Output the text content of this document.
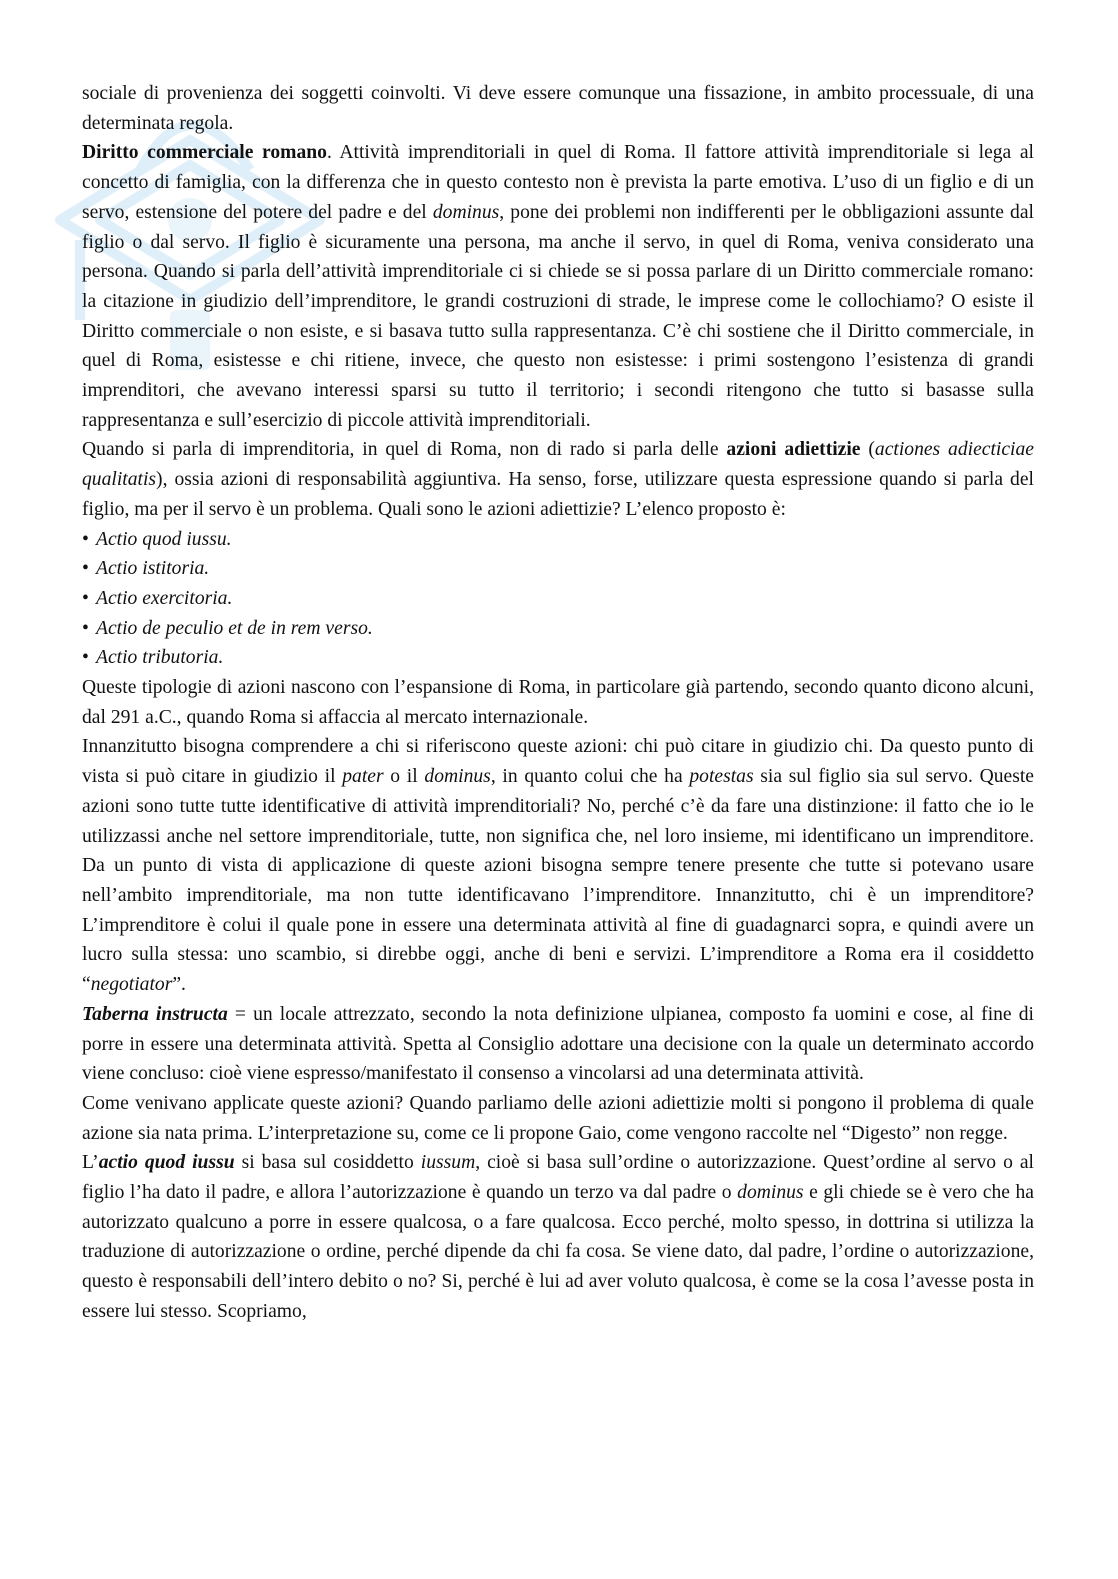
sociale di provenienza dei soggetti coinvolti. Vi deve essere comunque una fissazione, in ambito processuale, di una determinata regola.

Diritto commerciale romano. Attività imprenditoriali in quel di Roma. Il fattore attività imprenditoriale si lega al concetto di famiglia, con la differenza che in questo contesto non è prevista la parte emotiva. L’uso di un figlio e di un servo, estensione del potere del padre e del dominus, pone dei problemi non indifferenti per le obbligazioni assunte dal figlio o dal servo. Il figlio è sicuramente una persona, ma anche il servo, in quel di Roma, veniva considerato una persona. Quando si parla dell’attività imprenditoriale ci si chiede se si possa parlare di un Diritto commerciale romano: la citazione in giudizio dell’imprenditore, le grandi costruzioni di strade, le imprese come le collochiamo? O esiste il Diritto commerciale o non esiste, e si basava tutto sulla rappresentanza. C’è chi sostiene che il Diritto commerciale, in quel di Roma, esistesse e chi ritiene, invece, che questo non esistesse: i primi sostengono l’esistenza di grandi imprenditori, che avevano interessi sparsi su tutto il territorio; i secondi ritengono che tutto si basasse sulla rappresentanza e sull’esercizio di piccole attività imprenditoriali.

Quando si parla di imprenditoria, in quel di Roma, non di rado si parla delle azioni adiettizie (actiones adiecticiae qualitatis), ossia azioni di responsabilità aggiuntiva. Ha senso, forse, utilizzare questa espressione quando si parla del figlio, ma per il servo è un problema. Quali sono le azioni adiettizie? L’elenco proposto è:

• Actio quod iussu.
• Actio istitoria.
• Actio exercitoria.
• Actio de peculio et de in rem verso.
• Actio tributoria.

Queste tipologie di azioni nascono con l’espansione di Roma, in particolare già partendo, secondo quanto dicono alcuni, dal 291 a.C., quando Roma si affaccia al mercato internazionale.

Innanzitutto bisogna comprendere a chi si riferiscono queste azioni: chi può citare in giudizio chi. Da questo punto di vista si può citare in giudizio il pater o il dominus, in quanto colui che ha potestas sia sul figlio sia sul servo. Queste azioni sono tutte tutte identificative di attività imprenditoriali? No, perché c’è da fare una distinzione: il fatto che io le utilizzassi anche nel settore imprenditoriale, tutte, non significa che, nel loro insieme, mi identificano un imprenditore. Da un punto di vista di applicazione di queste azioni bisogna sempre tenere presente che tutte si potevano usare nell’ambito imprenditoriale, ma non tutte identificavano l’imprenditore. Innanzitutto, chi è un imprenditore? L’imprenditore è colui il quale pone in essere una determinata attività al fine di guadagnarci sopra, e quindi avere un lucro sulla stessa: uno scambio, si direbbe oggi, anche di beni e servizi. L’imprenditore a Roma era il cosiddetto “negotiator”.

Taberna instructa = un locale attrezzato, secondo la nota definizione ulpianea, composto fa uomini e cose, al fine di porre in essere una determinata attività. Spetta al Consiglio adottare una decisione con la quale un determinato accordo viene concluso: cioè viene espresso/manifestato il consenso a vincolarsi ad una determinata attività.

Come venivano applicate queste azioni? Quando parliamo delle azioni adiettizie molti si pongono il problema di quale azione sia nata prima. L’interpretazione su, come ce li propone Gaio, come vengono raccolte nel “Digesto” non regge.

L’actio quod iussu si basa sul cosiddetto iussum, cioè si basa sull’ordine o autorizzazione. Quest’ordine al servo o al figlio l’ha dato il padre, e allora l’autorizzazione è quando un terzo va dal padre o dominus e gli chiede se è vero che ha autorizzato qualcuno a porre in essere qualcosa, o a fare qualcosa. Ecco perché, molto spesso, in dottrina si utilizza la traduzione di autorizzazione o ordine, perché dipende da chi fa cosa. Se viene dato, dal padre, l’ordine o autorizzazione, questo è responsabili dell’intero debito o no? Si, perché è lui ad aver voluto qualcosa, è come se la cosa l’avesse posta in essere lui stesso. Scopriamo,
